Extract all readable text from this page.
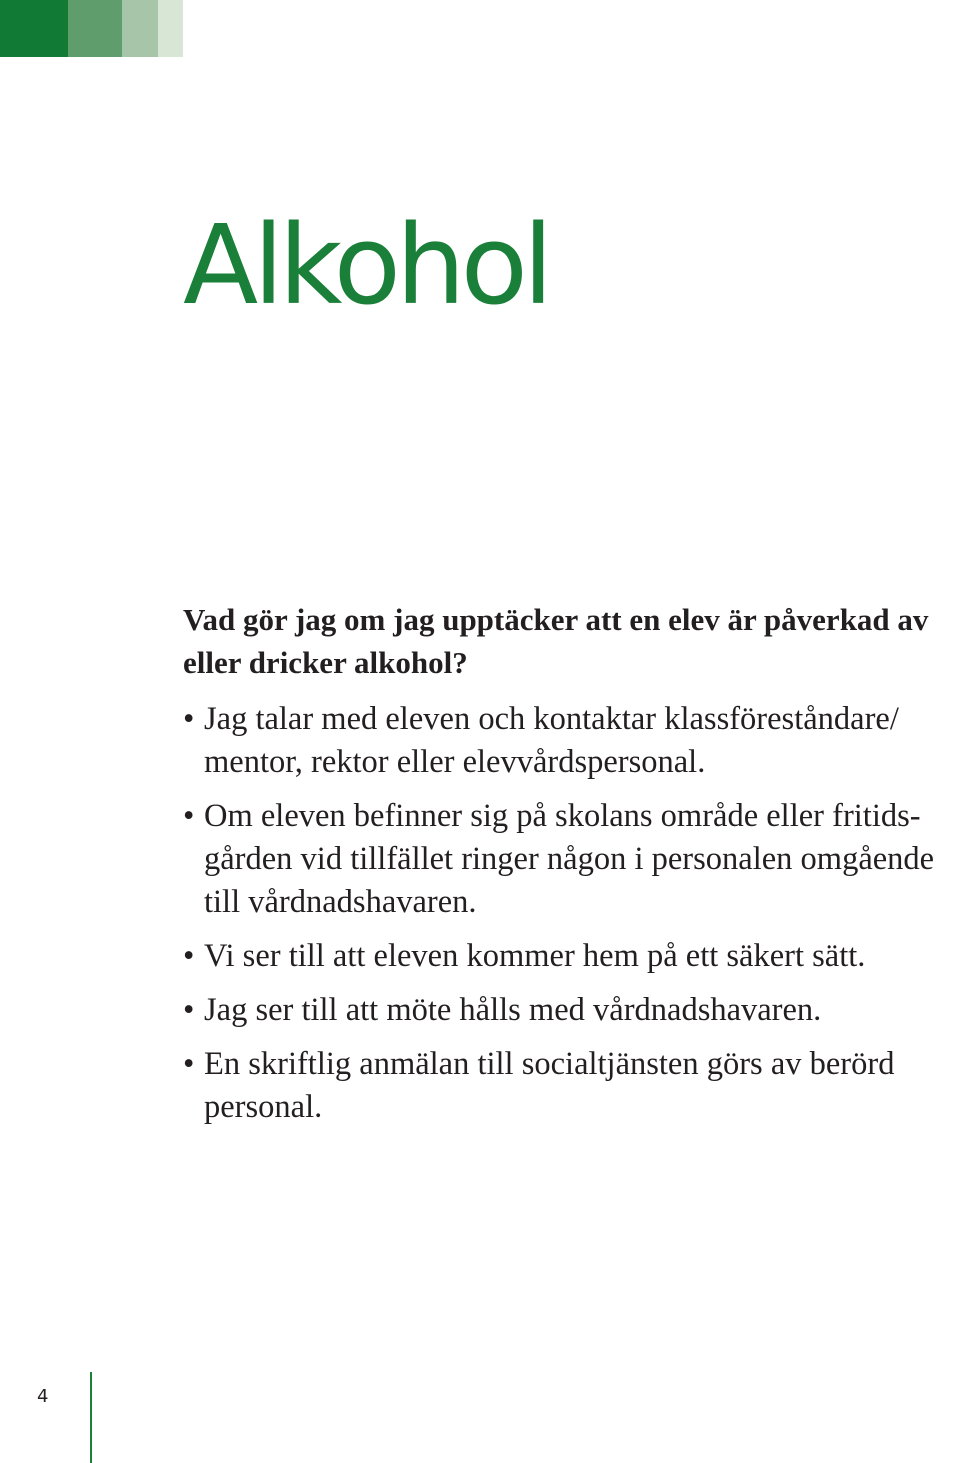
Alkohol

Vad gör jag om jag upptäcker att en elev är påverkad av eller dricker alkohol?

• Jag talar med eleven och kontaktar klassföreståndare/ mentor, rektor eller elevvårdspersonal.
• Om eleven befinner sig på skolans område eller fritids-gården vid tillfället ringer någon i personalen omgående till vårdnadshavaren.
• Vi ser till att eleven kommer hem på ett säkert sätt.
• Jag ser till att möte hålls med vårdnadshavaren.
• En skriftlig anmälan till socialtjänsten görs av berörd personal.
4
